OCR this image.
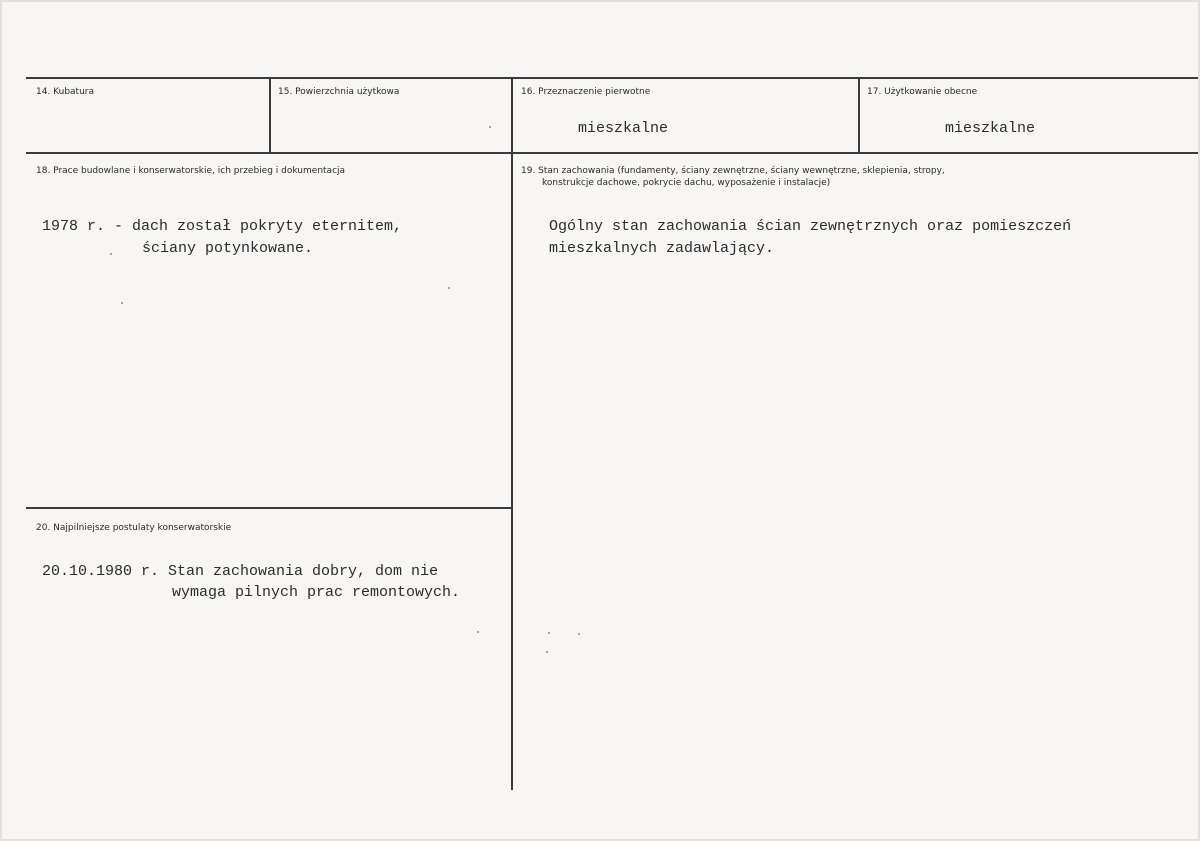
14. Kubatura	15. Powierzchnia użytkowa	16. Przeznaczenie pierwotne
mieszkalne
17. Użytkowanie obecne
mieszkalne
18. Prace budowlane i konserwatorskie, ich przebieg i dokumentacja
1978 r. - dach został pokryty eternitem,
ściany potynkowane.
19. Stan zachowania (fundamenty, ściany zewnętrzne, ściany wewnętrzne, sklepienia, stropy,
konstrukcje dachowe, pokrycie dachu, wyposażenie i instalacje)
Ogólny stan zachowania ścian zewnętrznych oraz pomieszczeń
mieszkalnych zadawlający.
20. Najpilniejsze postulaty konserwatorskie
20.10.1980 r. Stan zachowania dobry, dom nie
wymaga pilnych prac remontowych.
